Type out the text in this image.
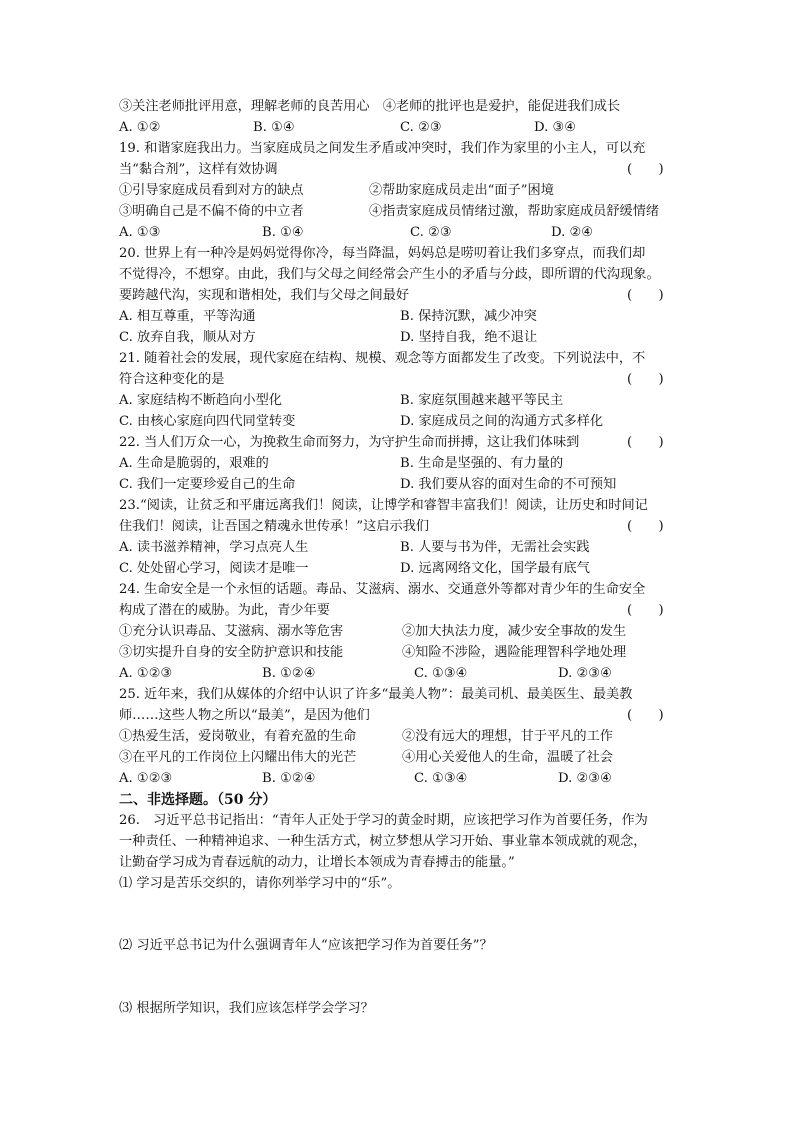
③关注老师批评用意，理解老师的良苦用心　④老师的批评也是爱护，能促进我们成长
A. ①②	B. ①④	C. ②③	D. ③④
19. 和谐家庭我出力。当家庭成员之间发生矛盾或冲突时，我们作为家里的小主人，可以充
当“黏合剂”，这样有效协调	(　　)
①引导家庭成员看到对方的缺点	②帮助家庭成员走出“面子”困境
③明确自己是不偏不倚的中立者	④指责家庭成员情绪过激，帮助家庭成员舒缓情绪
A. ①③	B. ①④	C. ②③	D. ②④
20. 世界上有一种冷是妈妈觉得你冷，每当降温，妈妈总是唠叨着让我们多穿点，而我们却
不觉得冷，不想穿。由此，我们与父母之间经常会产生小的矛盾与分歧，即所谓的代沟现象。
要跨越代沟，实现和谐相处，我们与父母之间最好	(　　)
A. 相互尊重，平等沟通	B. 保持沉默，减少冲突
C. 放弃自我，顺从对方	D. 坚持自我，绝不退让
21. 随着社会的发展，现代家庭在结构、规模、观念等方面都发生了改变。下列说法中，不
符合这种变化的是	(　　)
A. 家庭结构不断趋向小型化	B. 家庭氛围越来越平等民主
C. 由核心家庭向四代同堂转变	D. 家庭成员之间的沟通方式多样化
22. 当人们万众一心，为挽救生命而努力，为守护生命而拼搏，这让我们体味到	(　　)
A. 生命是脆弱的，艰难的	B. 生命是坚强的、有力量的
C. 我们一定要珍爱自己的生命	D. 我们要从容的面对生命的不可预知
23.“阅读，让贫乏和平庸远离我们！阅读，让博学和睿智丰富我们！阅读，让历史和时间记
住我们！阅读，让吾国之精魂永世传承！”这启示我们	(　　)
A. 读书滋养精神，学习点亮人生	B. 人要与书为伴，无需社会实践
C. 处处留心学习，阅读才是唯一	D. 远离网络文化，国学最有底气
24. 生命安全是一个永恒的话题。毒品、艾滋病、溺水、交通意外等都对青少年的生命安全
构成了潜在的威胁。为此，青少年要	(　　)
①充分认识毒品、艾滋病、溺水等危害	②加大执法力度，减少安全事故的发生
③切实提升自身的安全防护意识和技能	④知险不涉险，遇险能理智科学地处理
A. ①②③	B. ①②④	C. ①③④	D. ②③④
25. 近年来，我们从媒体的介绍中认识了许多“最美人物”：最美司机、最美医生、最美教
师……这些人物之所以“最美”，是因为他们	(　　)
①热爱生活，爱岗敬业，有着充盈的生命	②没有远大的理想，甘于平凡的工作
③在平凡的工作岗位上闪耀出伟大的光芒	④用心关爱他人的生命，温暖了社会
A. ①②③	B. ①②④	C. ①③④	D. ②③④
二、非选择题。（50 分）
26.　习近平总书记指出：“青年人正处于学习的黄金时期，应该把学习作为首要任务，作为
一种责任、一种精神追求、一种生活方式，树立梦想从学习开始、事业靠本领成就的观念，
让勤奋学习成为青春远航的动力，让增长本领成为青春搏击的能量。”
⑴ 学习是苦乐交织的，请你列举学习中的“乐”。
⑵ 习近平总书记为什么强调青年人“应该把学习作为首要任务”？
⑶ 根据所学知识，我们应该怎样学会学习？
